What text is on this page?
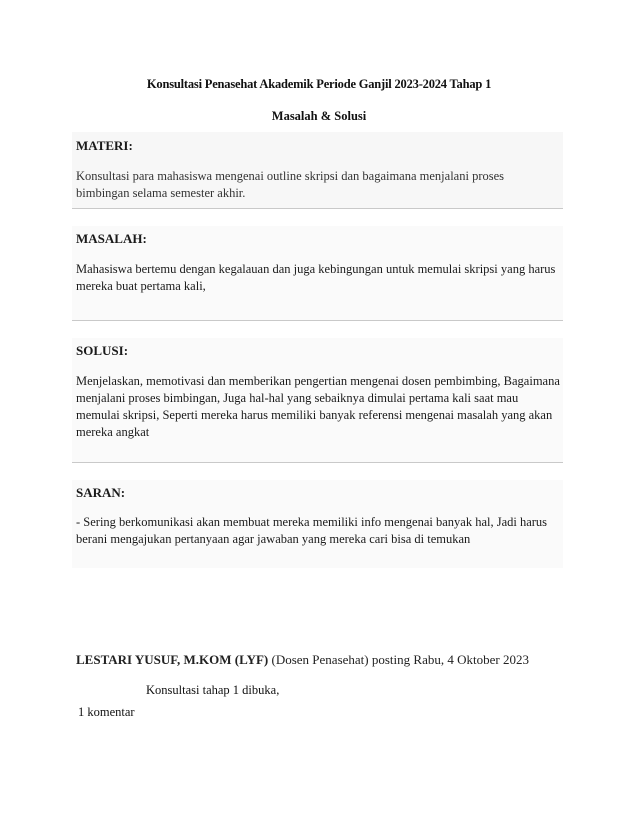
Konsultasi Penasehat Akademik Periode Ganjil 2023-2024 Tahap 1
Masalah & Solusi
MATERI:
Konsultasi para mahasiswa mengenai outline skripsi dan bagaimana menjalani proses bimbingan selama semester akhir.
MASALAH:
Mahasiswa bertemu dengan kegalauan dan juga kebingungan untuk memulai skripsi yang harus mereka buat pertama kali,
SOLUSI:
Menjelaskan, memotivasi dan memberikan pengertian mengenai dosen pembimbing, Bagaimana menjalani proses bimbingan, Juga hal-hal yang sebaiknya dimulai pertama kali saat mau memulai skripsi, Seperti mereka harus memiliki banyak referensi mengenai masalah yang akan mereka angkat
SARAN:
- Sering berkomunikasi akan membuat mereka memiliki info mengenai banyak hal, Jadi harus berani mengajukan pertanyaan agar jawaban yang mereka cari bisa di temukan
LESTARI YUSUF, M.KOM (LYF) (Dosen Penasehat) posting Rabu, 4 Oktober 2023
Konsultasi tahap 1 dibuka,
1 komentar
